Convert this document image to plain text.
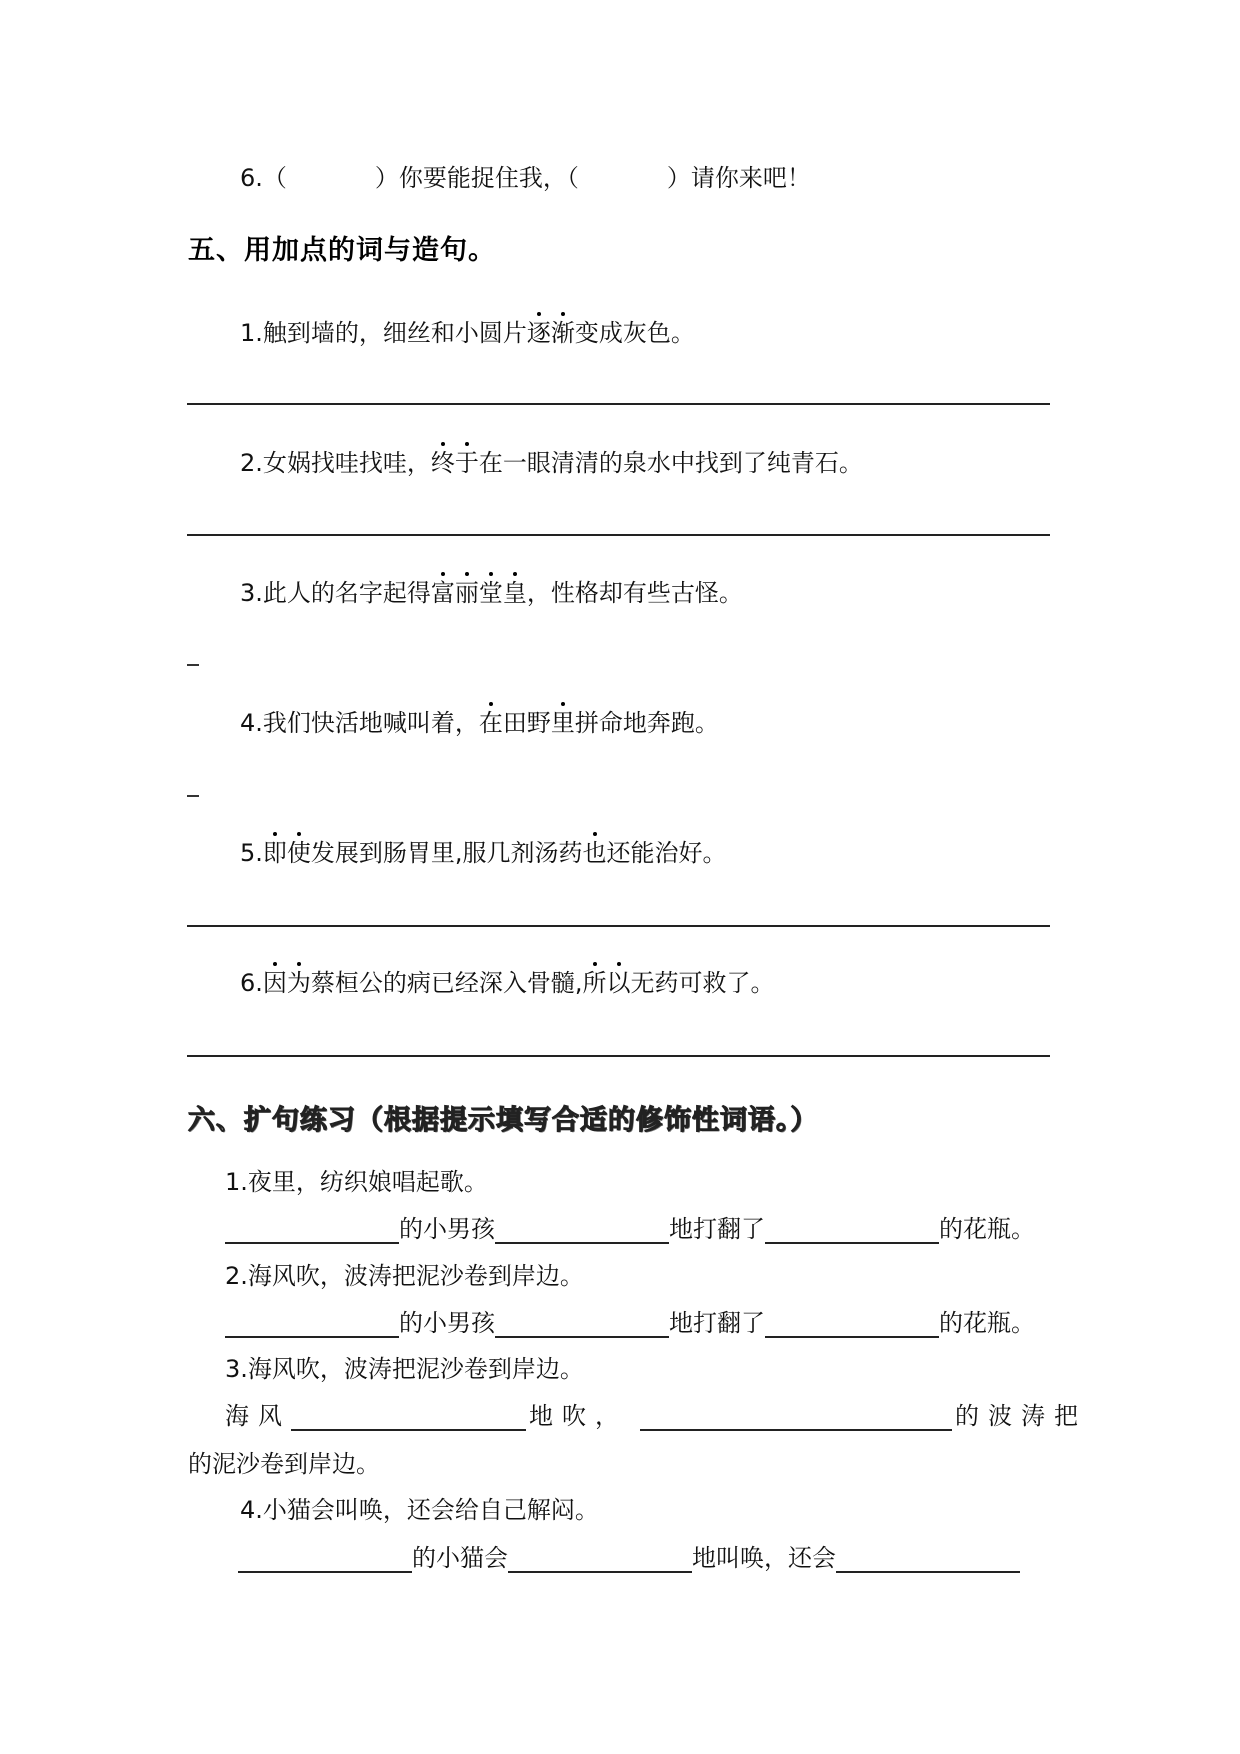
6.（	）你要能捉住我，（	）请你来吧！
五、用加点的词与造句。
1.触到墙的，细丝和小圆片逐渐变成灰色。
2.女娲找哇找哇，终于在一眼清清的泉水中找到了纯青石。
3.此人的名字起得富丽堂皇，性格却有些古怪。
4.我们快活地喊叫着，在田野里拼命地奔跑。
5.即使发展到肠胃里,服几剂汤药也还能治好。
6.因为蔡桓公的病已经深入骨髓,所以无药可救了。
六、扩句练习（根据提示填写合适的修饰性词语。）
1.夜里，纺织娘唱起歌。
的小男孩	地打翻了	的花瓶。
2.海风吹，波涛把泥沙卷到岸边。
的小男孩	地打翻了	的花瓶。
3.海风吹，波涛把泥沙卷到岸边。
海风	地吹，	的波涛把
的泥沙卷到岸边。
4.小猫会叫唤，还会给自己解闷。
的小猫会	地叫唤，还会
